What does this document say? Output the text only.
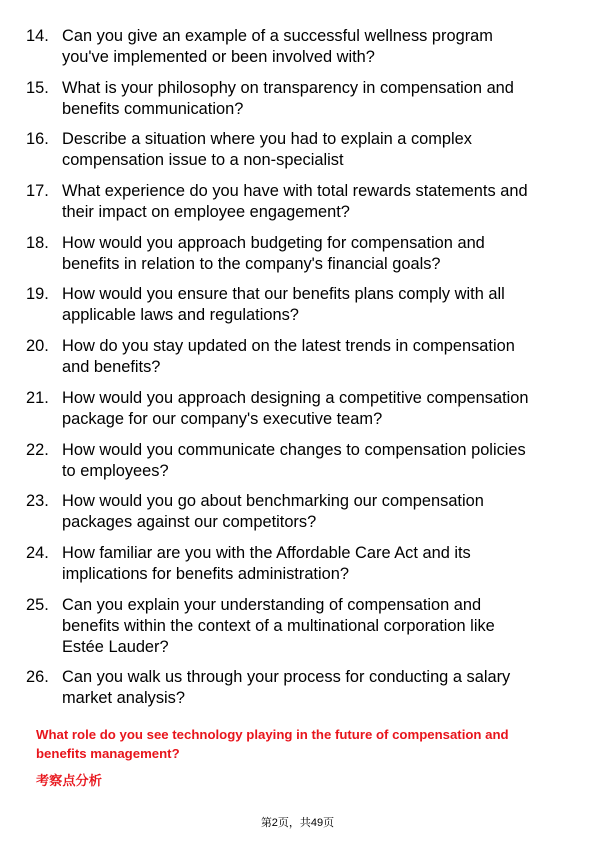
14. Can you give an example of a successful wellness program
you've implemented or been involved with?
15. What is your philosophy on transparency in compensation and
benefits communication?
16. Describe a situation where you had to explain a complex
compensation issue to a non-specialist
17. What experience do you have with total rewards statements and
their impact on employee engagement?
18. How would you approach budgeting for compensation and
benefits in relation to the company's financial goals?
19. How would you ensure that our benefits plans comply with all
applicable laws and regulations?
20. How do you stay updated on the latest trends in compensation
and benefits?
21. How would you approach designing a competitive compensation
package for our company's executive team?
22. How would you communicate changes to compensation policies
to employees?
23. How would you go about benchmarking our compensation
packages against our competitors?
24. How familiar are you with the Affordable Care Act and its
implications for benefits administration?
25. Can you explain your understanding of compensation and
benefits within the context of a multinational corporation like
Estée Lauder?
26. Can you walk us through your process for conducting a salary
market analysis?
What role do you see technology playing in the future of compensation and
benefits management?
考察点分析
第2页，共49页
